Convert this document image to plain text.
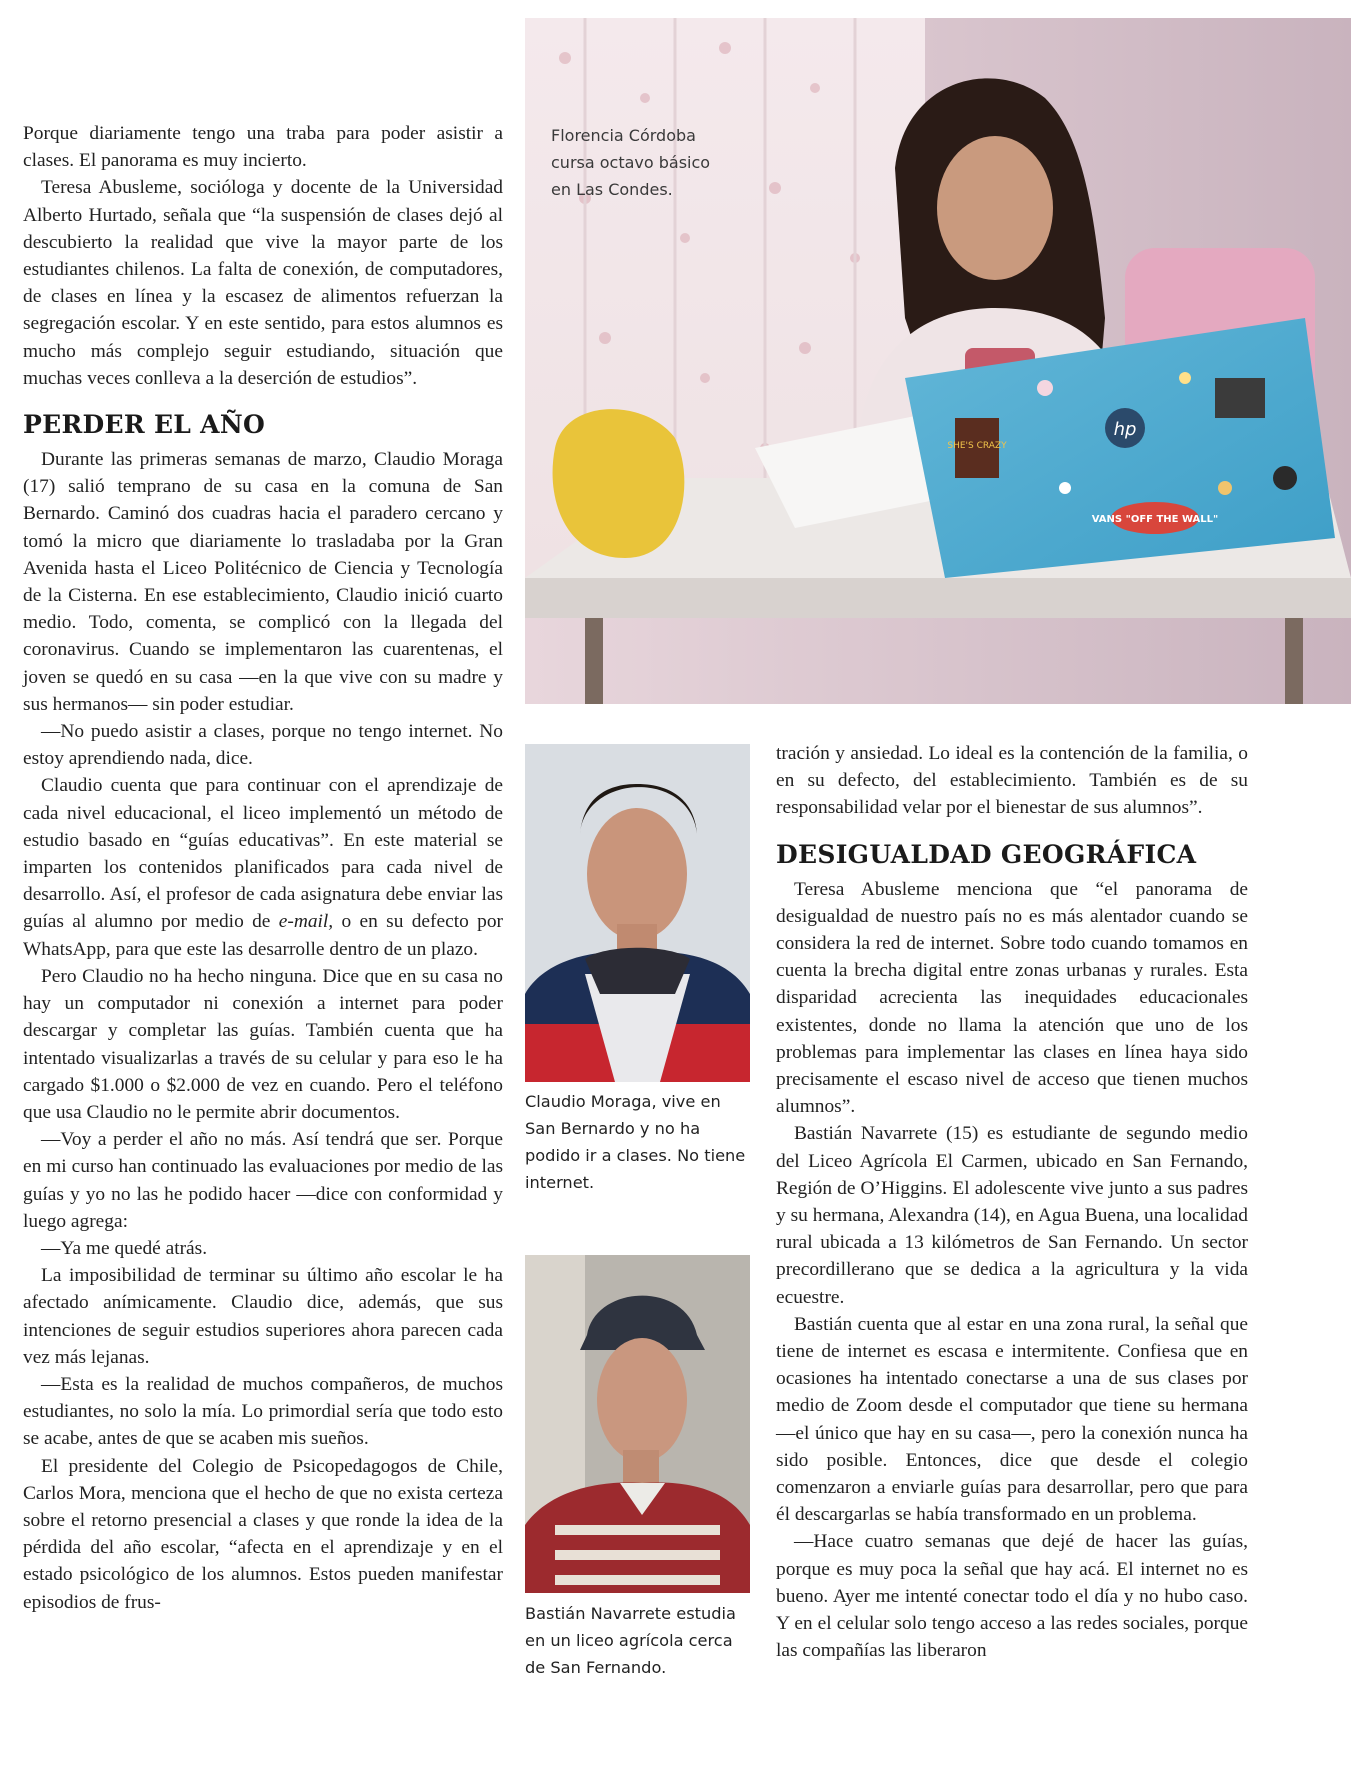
Porque diariamente tengo una traba para poder asistir a clases. El panorama es muy incierto.

Teresa Abusleme, socióloga y docente de la Universidad Alberto Hurtado, señala que “la suspensión de clases dejó al descubierto la realidad que vive la mayor parte de los estudiantes chilenos. La falta de conexión, de computadores, de clases en línea y la escasez de alimentos refuerzan la segregación escolar. Y en este sentido, para estos alumnos es mucho más complejo seguir estudiando, situación que muchas veces conlleva a la deserción de estudios”.

PERDER EL AÑO

Durante las primeras semanas de marzo, Claudio Moraga (17) salió temprano de su casa en la comuna de San Bernardo. Caminó dos cuadras hacia el paradero cercano y tomó la micro que diariamente lo trasladaba por la Gran Avenida hasta el Liceo Politécnico de Ciencia y Tecnología de la Cisterna. En ese establecimiento, Claudio inició cuarto medio. Todo, comenta, se complicó con la llegada del coronavirus. Cuando se implementaron las cuarentenas, el joven se quedó en su casa —en la que vive con su madre y sus hermanos— sin poder estudiar.

—No puedo asistir a clases, porque no tengo internet. No estoy aprendiendo nada, dice.

Claudio cuenta que para continuar con el aprendizaje de cada nivel educacional, el liceo implementó un método de estudio basado en “guías educativas”. En este material se imparten los contenidos planificados para cada nivel de desarrollo. Así, el profesor de cada asignatura debe enviar las guías al alumno por medio de e-mail, o en su defecto por WhatsApp, para que este las desarrolle dentro de un plazo.

Pero Claudio no ha hecho ninguna. Dice que en su casa no hay un computador ni conexión a internet para poder descargar y completar las guías. También cuenta que ha intentado visualizarlas a través de su celular y para eso le ha cargado $1.000 o $2.000 de vez en cuando. Pero el teléfono que usa Claudio no le permite abrir documentos.

—Voy a perder el año no más. Así tendrá que ser. Porque en mi curso han continuado las evaluaciones por medio de las guías y yo no las he podido hacer —dice con conformidad y luego agrega:

—Ya me quedé atrás.

La imposibilidad de terminar su último año escolar le ha afectado anímicamente. Claudio dice, además, que sus intenciones de seguir estudios superiores ahora parecen cada vez más lejanas.

—Esta es la realidad de muchos compañeros, de muchos estudiantes, no solo la mía. Lo primordial sería que todo esto se acabe, antes de que se acaben mis sueños.

El presidente del Colegio de Psicopedagogos de Chile, Carlos Mora, menciona que el hecho de que no exista certeza sobre el retorno presencial a clases y que ronde la idea de la pérdida del año escolar, “afecta en el aprendizaje y en el estado psicológico de los alumnos. Estos pueden manifestar episodios de frus-

hp
SHE'S CRAZY
VANS "OFF THE WALL"
Florencia Córdoba
cursa octavo básico
en Las Condes.
Claudio Moraga, vive en
San Bernardo y no ha
podido ir a clases. No tiene
internet.
Bastián Navarrete estudia
en un liceo agrícola cerca
de San Fernando.

tración y ansiedad. Lo ideal es la contención de la familia, o en su defecto, del establecimiento. También es de su responsabilidad velar por el bienestar de sus alumnos”.

DESIGUALDAD GEOGRÁFICA

Teresa Abusleme menciona que “el panorama de desigualdad de nuestro país no es más alentador cuando se considera la red de internet. Sobre todo cuando tomamos en cuenta la brecha digital entre zonas urbanas y rurales. Esta disparidad acrecienta las inequidades educacionales existentes, donde no llama la atención que uno de los problemas para implementar las clases en línea haya sido precisamente el escaso nivel de acceso que tienen muchos alumnos”.

Bastián Navarrete (15) es estudiante de segundo medio del Liceo Agrícola El Carmen, ubicado en San Fernando, Región de O’Higgins. El adolescente vive junto a sus padres y su hermana, Alexandra (14), en Agua Buena, una localidad rural ubicada a 13 kilómetros de San Fernando. Un sector precordillerano que se dedica a la agricultura y la vida ecuestre.

Bastián cuenta que al estar en una zona rural, la señal que tiene de internet es escasa e intermitente. Confiesa que en ocasiones ha intentado conectarse a una de sus clases por medio de Zoom desde el computador que tiene su hermana —el único que hay en su casa—, pero la conexión nunca ha sido posible. Entonces, dice que desde el colegio comenzaron a enviarle guías para desarrollar, pero que para él descargarlas se había transformado en un problema.

—Hace cuatro semanas que dejé de hacer las guías, porque es muy poca la señal que hay acá. El internet no es bueno. Ayer me intenté conectar todo el día y no hubo caso. Y en el celular solo tengo acceso a las redes sociales, porque las compañías las liberaron
